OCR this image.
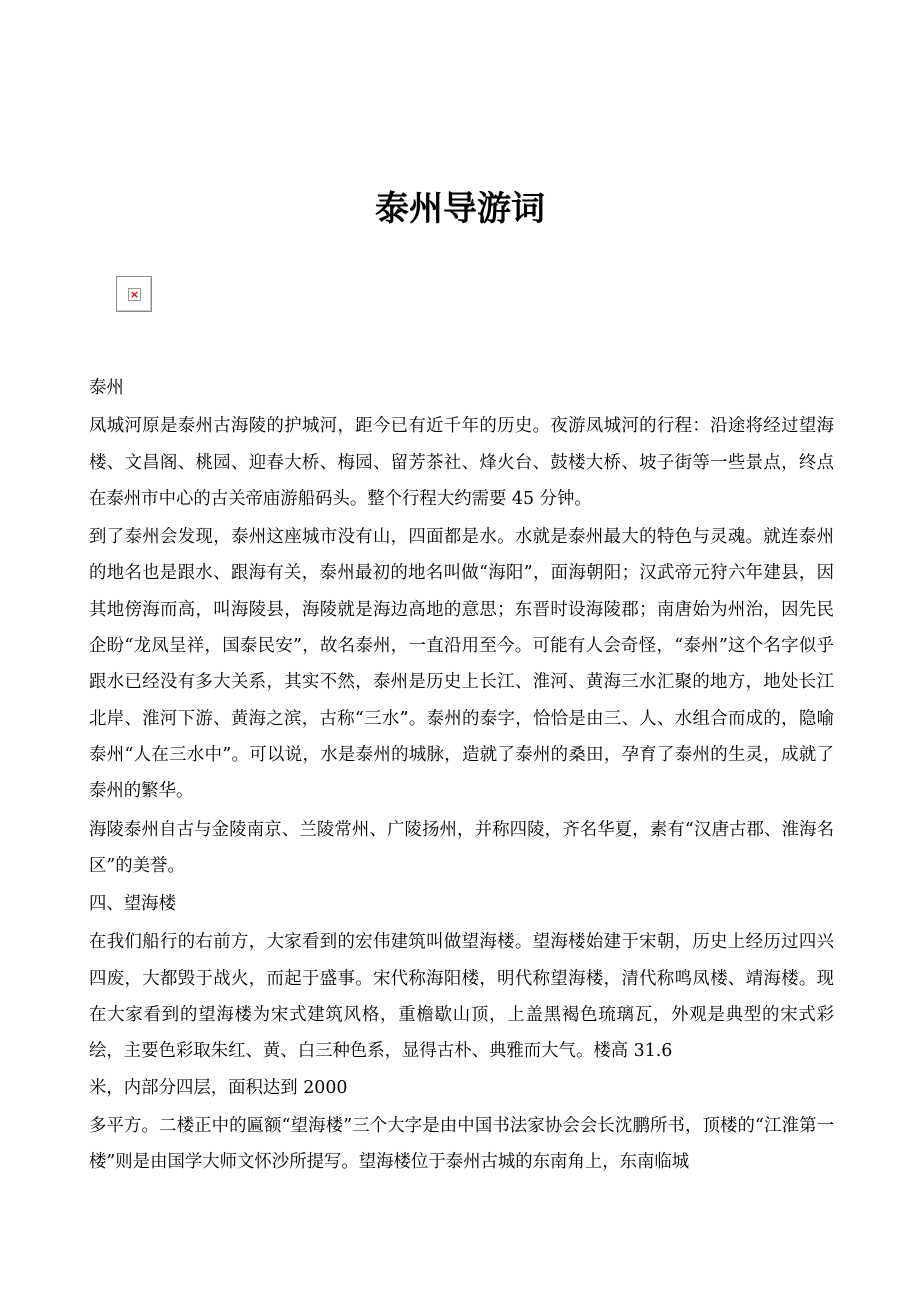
泰州导游词
×

泰州

凤城河原是泰州古海陵的护城河，距今已有近千年的历史。夜游凤城河的行程：沿途将经过望海楼、文昌阁、桃园、迎春大桥、梅园、留芳茶社、烽火台、鼓楼大桥、坡子街等一些景点，终点在泰州市中心的古关帝庙游船码头。整个行程大约需要 45 分钟。

到了泰州会发现，泰州这座城市没有山，四面都是水。水就是泰州最大的特色与灵魂。就连泰州的地名也是跟水、跟海有关，泰州最初的地名叫做“海阳”，面海朝阳；汉武帝元狩六年建县，因其地傍海而高，叫海陵县，海陵就是海边高地的意思；东晋时设海陵郡；南唐始为州治，因先民企盼“龙凤呈祥，国泰民安”，故名泰州，一直沿用至今。可能有人会奇怪，“泰州”这个名字似乎跟水已经没有多大关系，其实不然，泰州是历史上长江、淮河、黄海三水汇聚的地方，地处长江北岸、淮河下游、黄海之滨，古称“三水”。泰州的泰字，恰恰是由三、人、水组合而成的，隐喻泰州“人在三水中”。可以说，水是泰州的城脉，造就了泰州的桑田，孕育了泰州的生灵，成就了泰州的繁华。

海陵泰州自古与金陵南京、兰陵常州、广陵扬州，并称四陵，齐名华夏，素有“汉唐古郡、淮海名区”的美誉。

四、望海楼

在我们船行的右前方，大家看到的宏伟建筑叫做望海楼。望海楼始建于宋朝，历史上经历过四兴四废，大都毁于战火，而起于盛事。宋代称海阳楼，明代称望海楼，清代称鸣凤楼、靖海楼。现在大家看到的望海楼为宋式建筑风格，重檐歇山顶，上盖黑褐色琉璃瓦，外观是典型的宋式彩绘，主要色彩取朱红、黄、白三种色系，显得古朴、典雅而大气。楼高 31.6

米，内部分四层，面积达到 2000

多平方。二楼正中的匾额“望海楼”三个大字是由中国书法家协会会长沈鹏所书，顶楼的“江淮第一楼”则是由国学大师文怀沙所提写。望海楼位于泰州古城的东南角上，东南临城
